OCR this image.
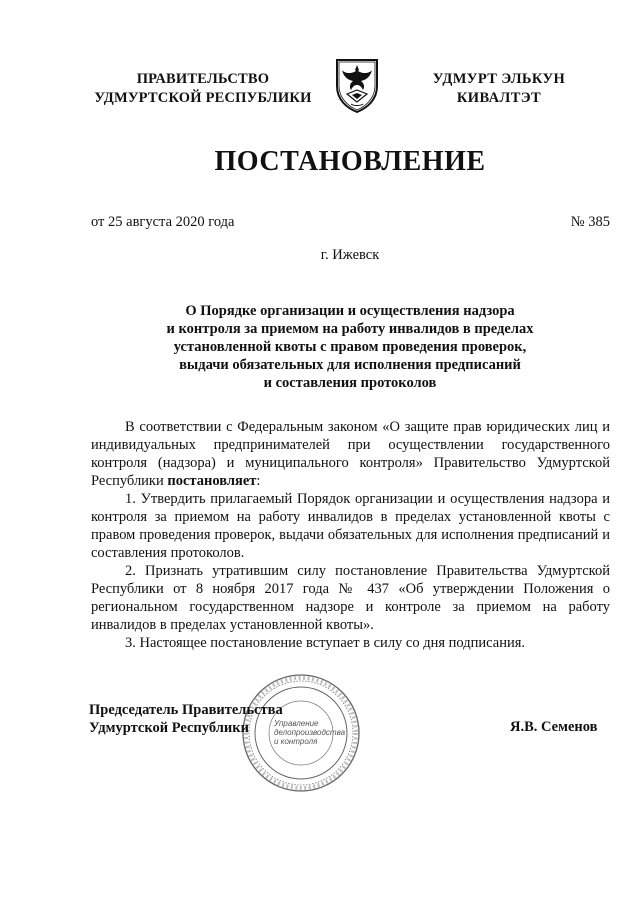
ПРАВИТЕЛЬСТВО
УДМУРТСКОЙ РЕСПУБЛИКИ
УДМУРТ ЭЛЬКУН
КИВАЛТЭТ
ПОСТАНОВЛЕНИЕ
от 25 августа 2020 года	№ 385
г. Ижевск
О Порядке организации и осуществления надзора
и контроля за приемом на работу инвалидов в пределах
установленной квоты с правом проведения проверок,
выдачи обязательных для исполнения предписаний
и составления протоколов

В соответствии с Федеральным законом «О защите прав юридических лиц и индивидуальных предпринимателей при осуществлении государственного контроля (надзора) и муниципального контроля» Правительство Удмуртской Республики постановляет:

1. Утвердить прилагаемый Порядок организации и осуществления надзора и контроля за приемом на работу инвалидов в пределах установленной квоты с правом проведения проверок, выдачи обязательных для исполнения предписаний и составления протоколов.

2. Признать утратившим силу постановление Правительства Удмуртской Республики от 8 ноября 2017 года № 437 «Об утверждении Положения о региональном государственном надзоре и контроле за приемом на работу инвалидов в пределах установленной квоты».

3. Настоящее постановление вступает в силу со дня подписания.

Управление
делопроизводства
и контроля
Председатель Правительства
Удмуртской Республики	Я.В. Семенов
